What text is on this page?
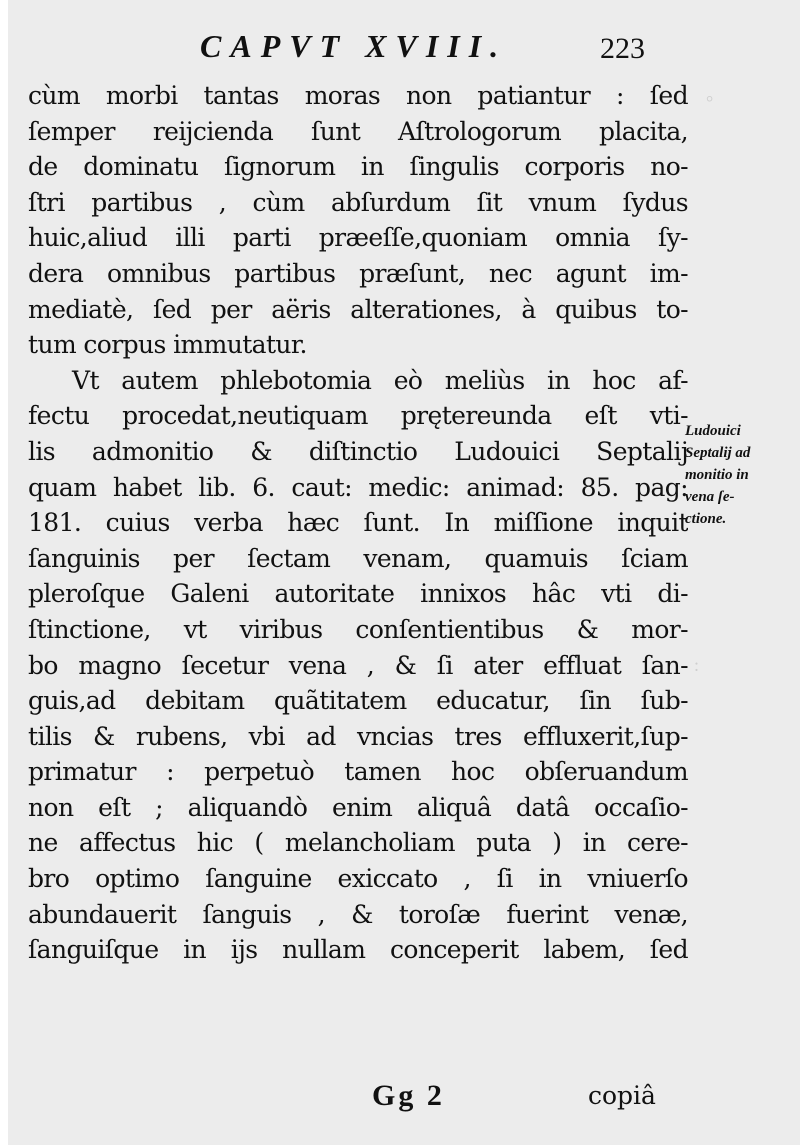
CAPVT XVIII.	223
cùm morbi tantas moras non patiantur : ſed
ſemper reijcienda ſunt Aſtrologorum placita,
de dominatu ſignorum in ſingulis corporis no-
ſtri partibus , cùm abſurdum ſit vnum ſydus
huic,aliud illi parti præeſſe,quoniam omnia ſy-
dera omnibus partibus præſunt, nec agunt im-
mediatè, ſed per aëris alterationes, à quibus to-
tum corpus immutatur.
Vt autem phlebotomia eò meliùs in hoc af-
fectu procedat,neutiquam prętereunda eſt vti-
lis admonitio & diſtinctio Ludouici Septalij
quam habet lib. 6. caut: medic: animad: 85. pag:
181. cuius verba hæc ſunt. In miſſione inquit
ſanguinis per ſectam venam, quamuis ſciam
pleroſque Galeni autoritate innixos hâc vti di-
ſtinctione, vt viribus conſentientibus & mor-
bo magno ſecetur vena , & ſi ater effluat ſan-
guis,ad debitam quãtitatem educatur, ſin ſub-
tilis & rubens, vbi ad vncias tres effluxerit,ſup-
primatur : perpetuò tamen hoc obſeruandum
non eſt ; aliquandò enim aliquâ datâ occaſio-
ne affectus hic ( melancholiam puta ) in cere-
bro optimo ſanguine exiccato , ſi in vniuerſo
abundauerit ſanguis , & toroſæ fuerint venæ,
ſanguiſque in ijs nullam conceperit labem, ſed
Ludouici
Septalij ad
monitio in
vena ſe-
ctione.
Gg 2	copiâ
°
:
